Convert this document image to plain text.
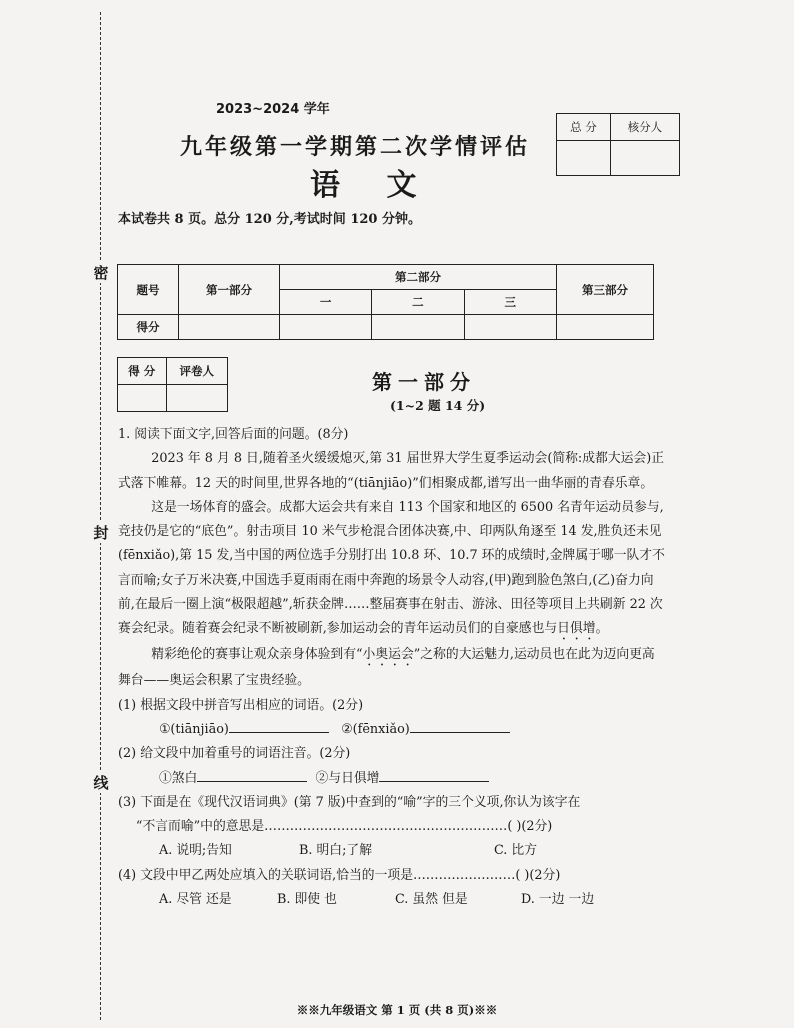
密
封
线
2023~2024 学年
九年级第一学期第二次学情评估
语 文
本试卷共 8 页。总分 120 分,考试时间 120 分钟。
总 分	核分人

题号	第一部分	第二部分			第三部分
		一	二	三	
得分					
得 分	评卷人
		第一部分
(1~2 题 14 分)

1. 阅读下面文字,回答后面的问题。(8分)

2023 年 8 月 8 日,随着圣火缓缓熄灭,第 31 届世界大学生夏季运动会(简称:成都大运会)正式落下帷幕。12 天的时间里,世界各地的“(tiānjiāo)”们相聚成都,谱写出一曲华丽的青春乐章。

这是一场体育的盛会。成都大运会共有来自 113 个国家和地区的 6500 名青年运动员参与,竞技仍是它的“底色”。射击项目 10 米气步枪混合团体决赛,中、印两队角逐至 14 发,胜负还未见(fēnxiǎo),第 15 发,当中国的两位选手分别打出 10.8 环、10.7 环的成绩时,金牌属于哪一队才不言而喻;女子万米决赛,中国选手夏雨雨在雨中奔跑的场景令人动容,(甲)跑到脸色煞白,(乙)奋力向前,在最后一圈上演“极限超越”,斩获金牌……整届赛事在射击、游泳、田径等项目上共刷新 22 次赛会纪录。随着赛会纪录不断被刷新,参加运动会的青年运动员们的自豪感也与日俱增。

精彩绝伦的赛事让观众亲身体验到有“小奥运会”之称的大运魅力,运动员也在此为迈向更高舞台——奥运会积累了宝贵经验。

(1) 根据文段中拼音写出相应的词语。(2分)

①(tiānjiāo)	②(fēnxiǎo)

(2) 给文段中加着重号的词语注音。(2分)

①煞白	②与日俱增

(3) 下面是在《现代汉语词典》(第 7 版)中查到的“喻”字的三个义项,你认为该字在

“不言而喻”中的意思是…………………………………………………( )(2分)

A. 说明;告知	B. 明白;了解	C. 比方

(4) 文段中甲乙两处应填入的关联词语,恰当的一项是……………………( )(2分)

A. 尽管 还是	B. 即使 也	C. 虽然 但是	D. 一边 一边

※※九年级语文 第 1 页 (共 8 页)※※
